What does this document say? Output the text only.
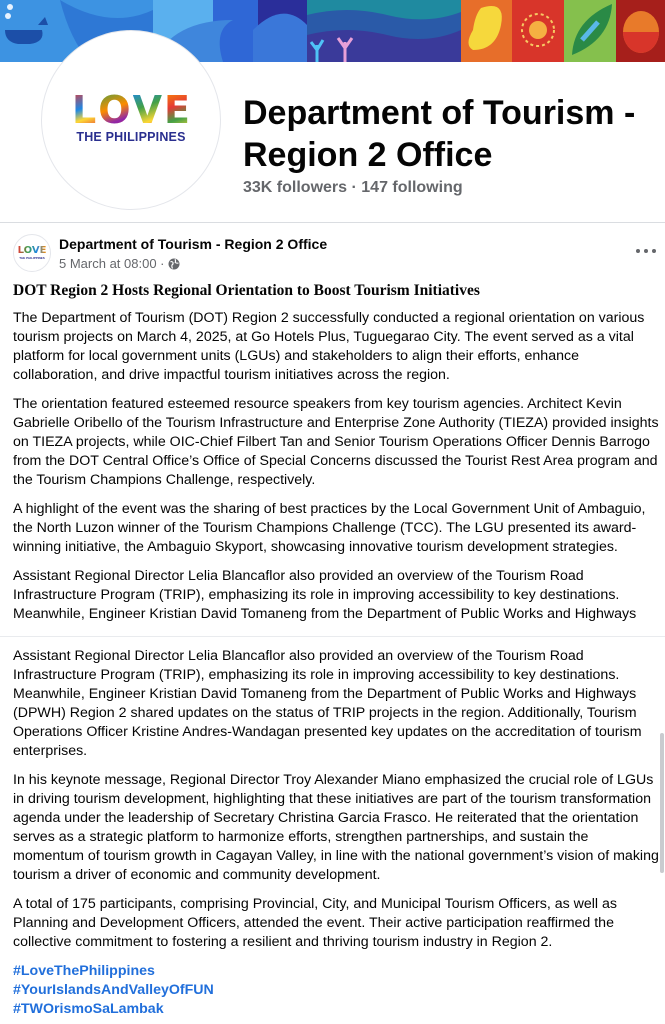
L O V E
THE PHILIPPINES
Department of Tourism - Region 2 Office
33K followers · 147 following
LOVE
THE PHILIPPINES
Department of Tourism - Region 2 Office
5 March at 08:00 ·
DOT Region 2 Hosts Regional Orientation to Boost Tourism Initiatives

The Department of Tourism (DOT) Region 2 successfully conducted a regional orientation on various tourism projects on March 4, 2025, at Go Hotels Plus, Tuguegarao City. The event served as a vital platform for local government units (LGUs) and stakeholders to align their efforts, enhance collaboration, and drive impactful tourism initiatives across the region.

The orientation featured esteemed resource speakers from key tourism agencies. Architect Kevin Gabrielle Oribello of the Tourism Infrastructure and Enterprise Zone Authority (TIEZA) provided insights on TIEZA projects, while OIC-Chief Filbert Tan and Senior Tourism Operations Officer Dennis Barrogo from the DOT Central Office’s Office of Special Concerns discussed the Tourist Rest Area program and the Tourism Champions Challenge, respectively.

A highlight of the event was the sharing of best practices by the Local Government Unit of Ambaguio, the North Luzon winner of the Tourism Champions Challenge (TCC). The LGU presented its award-winning initiative, the Ambaguio Skyport, showcasing innovative tourism development strategies.

Assistant Regional Director Lelia Blancaflor also provided an overview of the Tourism Road Infrastructure Program (TRIP), emphasizing its role in improving accessibility to key destinations. Meanwhile, Engineer Kristian David Tomaneng from the Department of Public Works and Highways

Assistant Regional Director Lelia Blancaflor also provided an overview of the Tourism Road Infrastructure Program (TRIP), emphasizing its role in improving accessibility to key destinations. Meanwhile, Engineer Kristian David Tomaneng from the Department of Public Works and Highways (DPWH) Region 2 shared updates on the status of TRIP projects in the region. Additionally, Tourism Operations Officer Kristine Andres-Wandagan presented key updates on the accreditation of tourism enterprises.

In his keynote message, Regional Director Troy Alexander Miano emphasized the crucial role of LGUs in driving tourism development, highlighting that these initiatives are part of the tourism transformation agenda under the leadership of Secretary Christina Garcia Frasco. He reiterated that the orientation serves as a strategic platform to harmonize efforts, strengthen partnerships, and sustain the momentum of tourism growth in Cagayan Valley, in line with the national government’s vision of making tourism a driver of economic and community development.

A total of 175 participants, comprising Provincial, City, and Municipal Tourism Officers, as well as Planning and Development Officers, attended the event. Their active participation reaffirmed the collective commitment to fostering a resilient and thriving tourism industry in Region 2.

#LoveThePhilippines

#YourIslandsAndValleyOfFUN

#TWOrismoSaLambak
